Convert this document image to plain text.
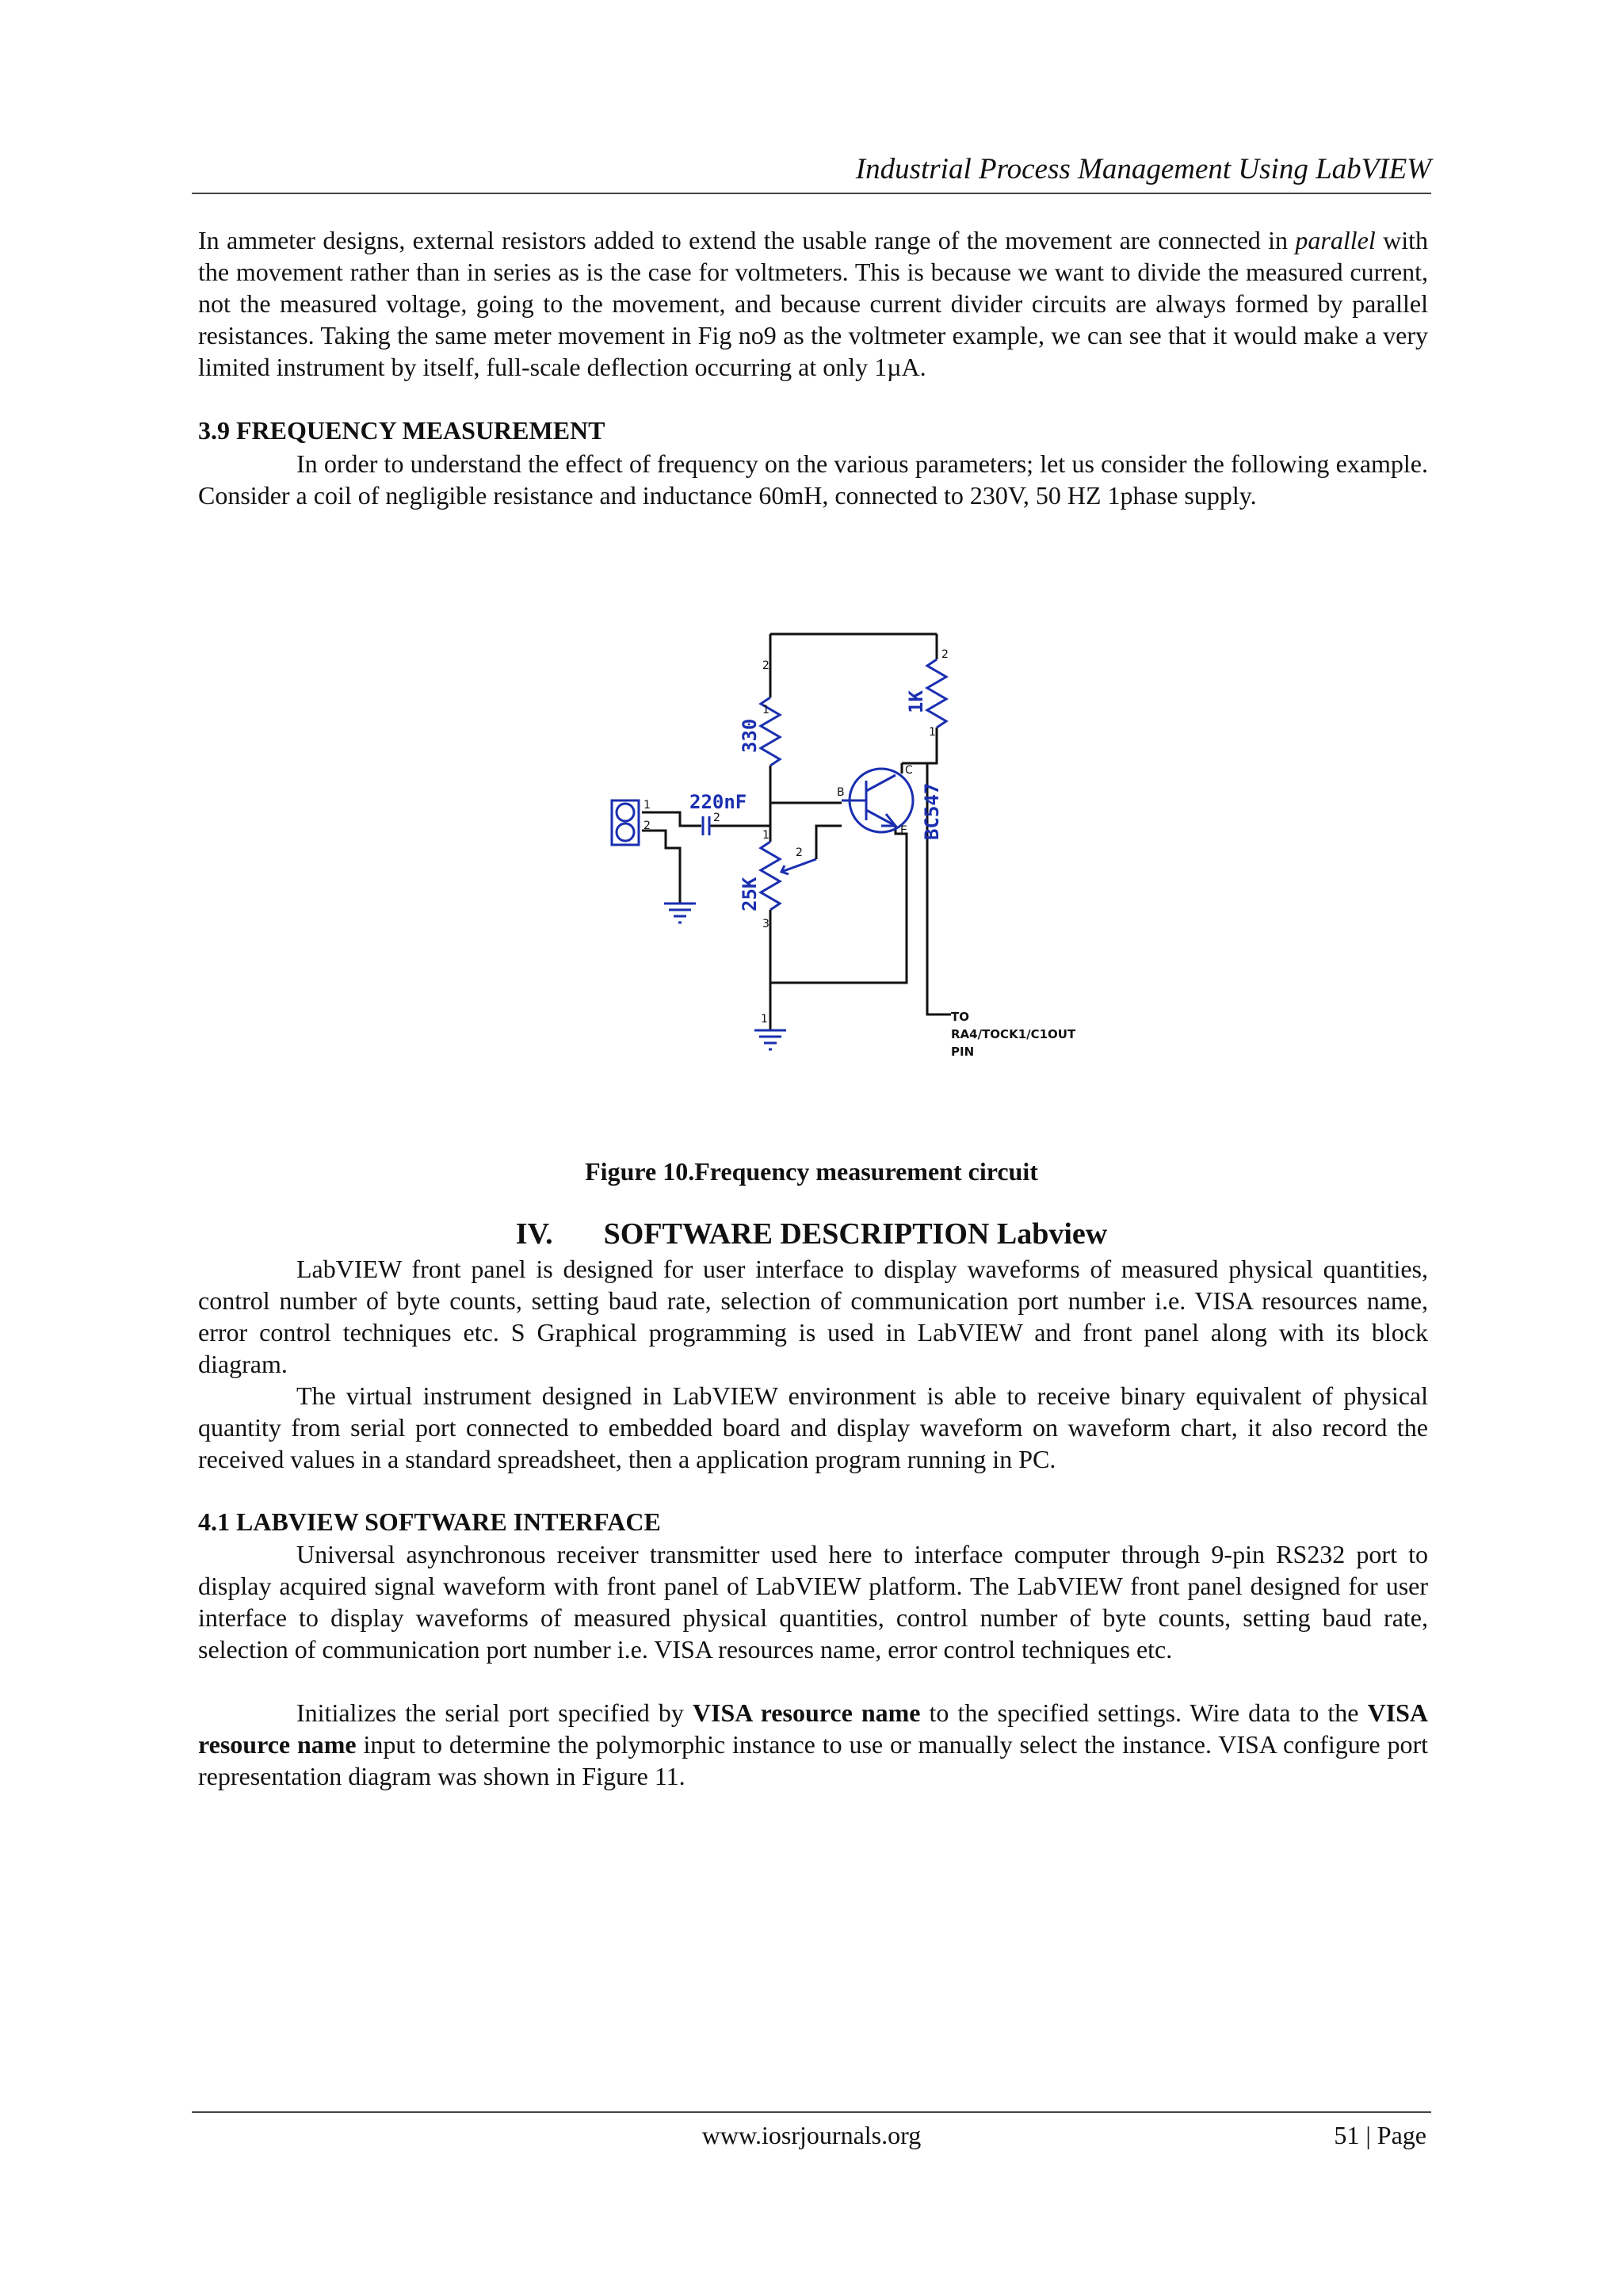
Industrial Process Management Using LabVIEW

In ammeter designs, external resistors added to extend the usable range of the movement are connected in parallel with the movement rather than in series as is the case for voltmeters. This is because we want to divide the measured current, not the measured voltage, going to the movement, and because current divider circuits are always formed by parallel resistances. Taking the same meter movement in Fig no9 as the voltmeter example, we can see that it would make a very limited instrument by itself, full-scale deflection occurring at only 1µA.

3.9 FREQUENCY MEASUREMENT

In order to understand the effect of frequency on the various parameters; let us consider the following example. Consider a coil of negligible resistance and inductance 60mH, connected to 230V, 50 HZ 1phase supply.

330
1K
220nF
25K
BC547
B
C
E
1
2
2
2
1
3
1
2
1
2
1	TO
RA4/TOCK1/C1OUT
PIN
Figure 10.Frequency measurement circuit
IV. SOFTWARE DESCRIPTION Labview

LabVIEW front panel is designed for user interface to display waveforms of measured physical quantities, control number of byte counts, setting baud rate, selection of communication port number i.e. VISA resources name, error control techniques etc. S Graphical programming is used in LabVIEW and front panel along with its block diagram.

The virtual instrument designed in LabVIEW environment is able to receive binary equivalent of physical quantity from serial port connected to embedded board and display waveform on waveform chart, it also record the received values in a standard spreadsheet, then a application program running in PC.

4.1 LABVIEW SOFTWARE INTERFACE

Universal asynchronous receiver transmitter used here to interface computer through 9-pin RS232 port to display acquired signal waveform with front panel of LabVIEW platform. The LabVIEW front panel designed for user interface to display waveforms of measured physical quantities, control number of byte counts, setting baud rate, selection of communication port number i.e. VISA resources name, error control techniques etc.

Initializes the serial port specified by VISA resource name to the specified settings. Wire data to the VISA resource name input to determine the polymorphic instance to use or manually select the instance. VISA configure port representation diagram was shown in Figure 11.

www.iosrjournals.org	51 | Page
